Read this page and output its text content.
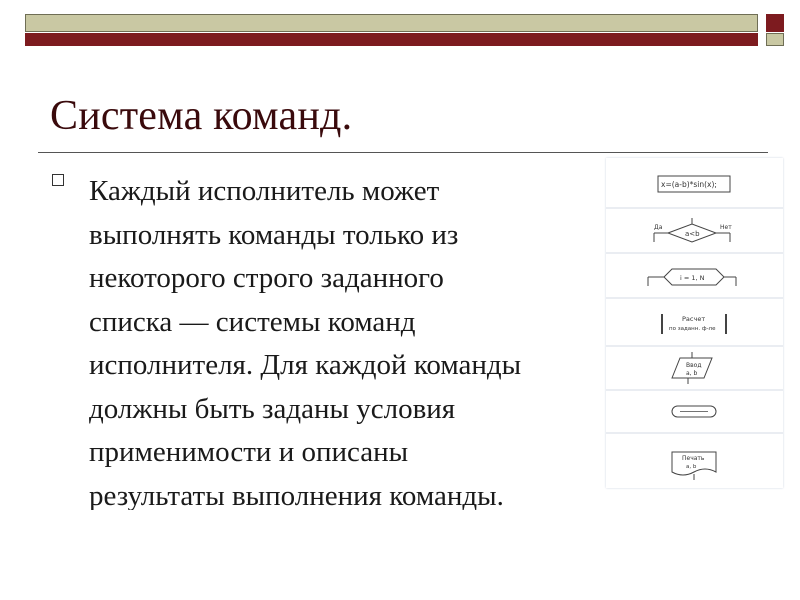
Система команд.

Каждый исполнитель может
выполнять команды только из
некоторого строго заданного
списка — системы команд
исполнителя. Для каждой команды
должны быть заданы условия
применимости и описаны
результаты выполнения команды.

x=(a-b)*sin(x);
Да	Нет
a<b
i = 1, N
Расчет
по заданн. ф-ле
Ввод
a, b
Печать
a, b
